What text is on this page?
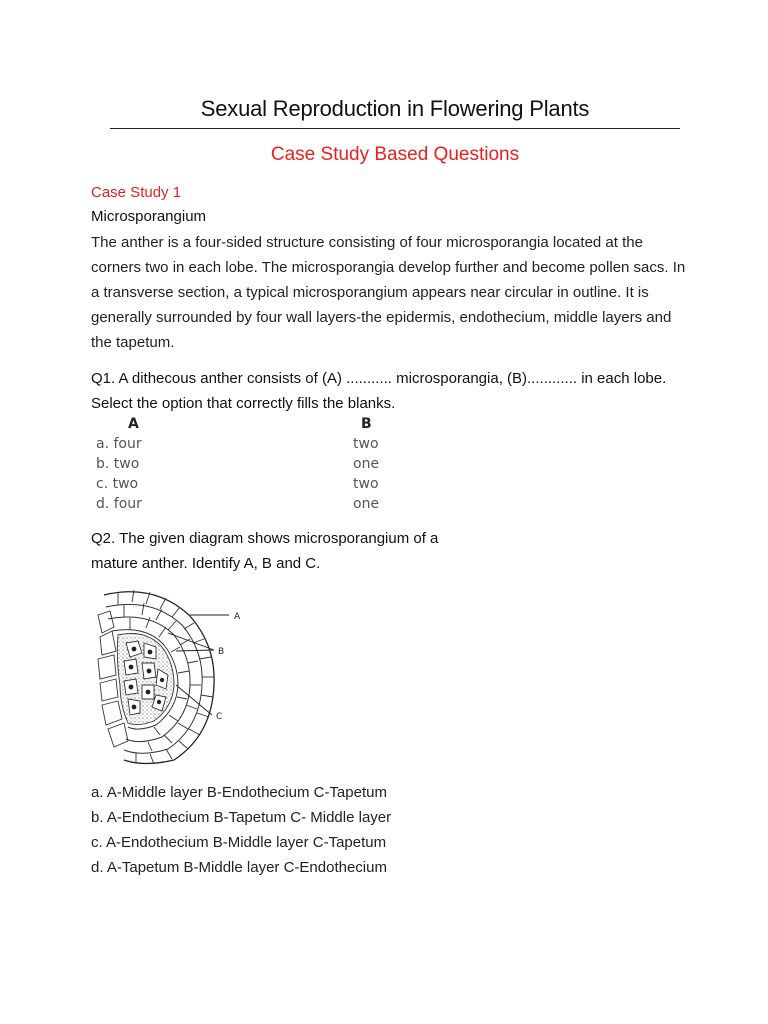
Sexual Reproduction in Flowering Plants
Case Study Based Questions
Case Study 1
Microsporangium

The anther is a four-sided structure consisting of four microsporangia located at the corners two in each lobe. The microsporangia develop further and become pollen sacs. In a transverse section, a typical microsporangium appears near circular in outline. It is generally surrounded by four wall layers-the epidermis, endothecium, middle layers and the tapetum.

Q1. A dithecous anther consists of (A) ........... microsporangia, (B)............ in each lobe. Select the option that correctly fills the blanks.

A	B
a. four	two
b. two	one
c. two	two
d. four	one

Q2. The given diagram shows microsporangium of a mature anther. Identify A, B and C.

A
B
C
a. A-Middle layer B-Endothecium C-Tapetum
b. A-Endothecium B-Tapetum C- Middle layer
c. A-Endothecium B-Middle layer C-Tapetum
d. A-Tapetum B-Middle layer C-Endothecium
